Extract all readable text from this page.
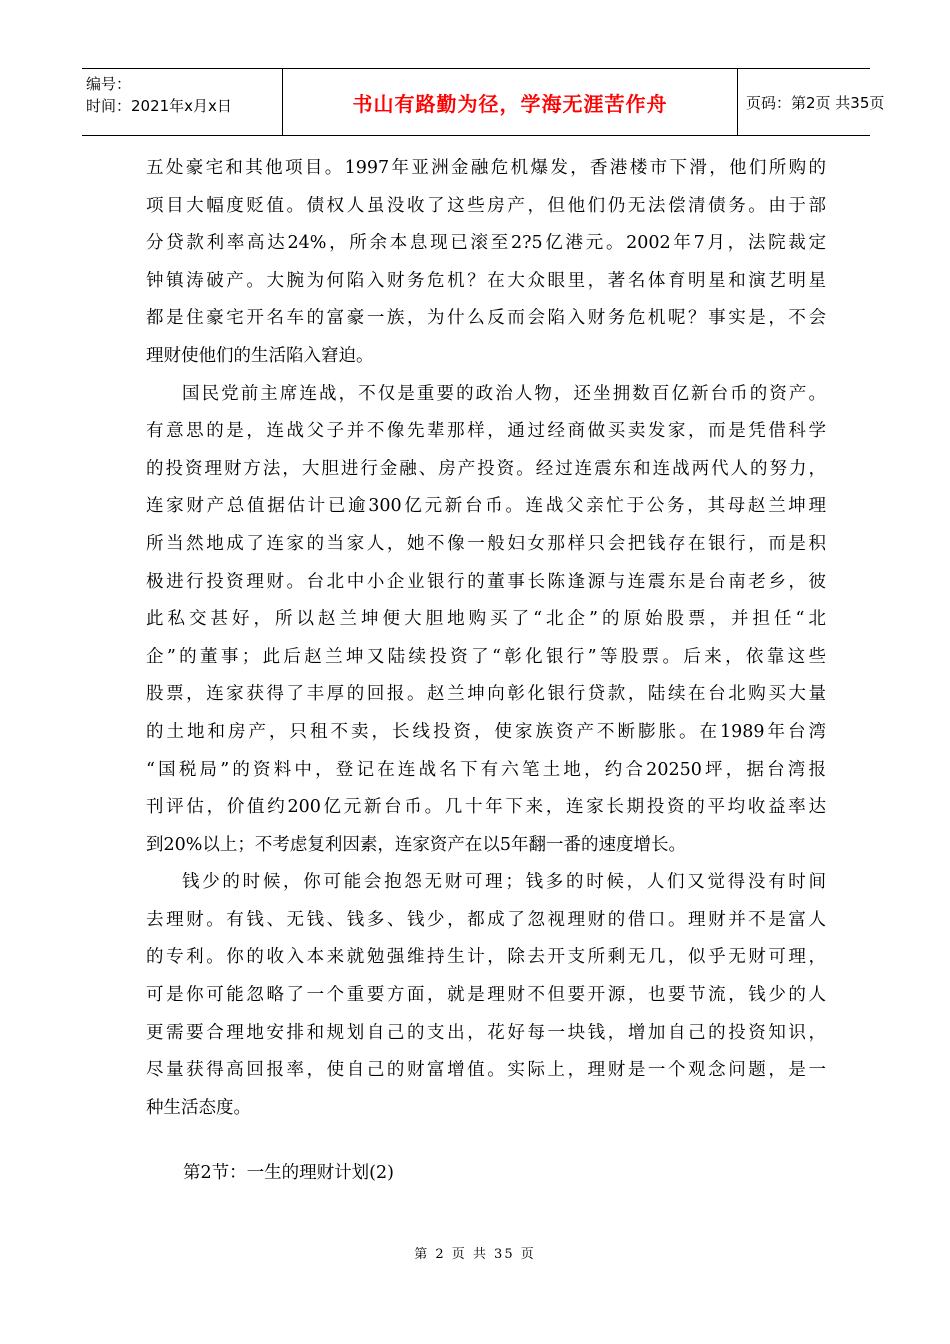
编号：
时间：2021年x月x日	书山有路勤为径，学海无涯苦作舟	页码：第2页 共35页
五处豪宅和其他项目。1997年亚洲金融危机爆发，香港楼市下滑，他们所购的
项目大幅度贬值。债权人虽没收了这些房产，但他们仍无法偿清债务。由于部
分贷款利率高达24%，所余本息现已滚至2?5亿港元。2002年7月，法院裁定
钟镇涛破产。大腕为何陷入财务危机？在大众眼里，著名体育明星和演艺明星
都是住豪宅开名车的富豪一族，为什么反而会陷入财务危机呢？事实是，不会
理财使他们的生活陷入窘迫。
国民党前主席连战，不仅是重要的政治人物，还坐拥数百亿新台币的资产。
有意思的是，连战父子并不像先辈那样，通过经商做买卖发家，而是凭借科学
的投资理财方法，大胆进行金融、房产投资。经过连震东和连战两代人的努力，
连家财产总值据估计已逾300亿元新台币。连战父亲忙于公务，其母赵兰坤理
所当然地成了连家的当家人，她不像一般妇女那样只会把钱存在银行，而是积
极进行投资理财。台北中小企业银行的董事长陈逢源与连震东是台南老乡，彼
此私交甚好，所以赵兰坤便大胆地购买了“北企”的原始股票，并担任“北
企”的董事；此后赵兰坤又陆续投资了“彰化银行”等股票。后来，依靠这些
股票，连家获得了丰厚的回报。赵兰坤向彰化银行贷款，陆续在台北购买大量
的土地和房产，只租不卖，长线投资，使家族资产不断膨胀。在1989年台湾
“国税局”的资料中，登记在连战名下有六笔土地，约合20250坪，据台湾报
刊评估，价值约200亿元新台币。几十年下来，连家长期投资的平均收益率达
到20%以上；不考虑复利因素，连家资产在以5年翻一番的速度增长。
钱少的时候，你可能会抱怨无财可理；钱多的时候，人们又觉得没有时间
去理财。有钱、无钱、钱多、钱少，都成了忽视理财的借口。理财并不是富人
的专利。你的收入本来就勉强维持生计，除去开支所剩无几，似乎无财可理，
可是你可能忽略了一个重要方面，就是理财不但要开源，也要节流，钱少的人
更需要合理地安排和规划自己的支出，花好每一块钱，增加自己的投资知识，
尽量获得高回报率，使自己的财富增值。实际上，理财是一个观念问题，是一
种生活态度。
第2节：一生的理财计划(2)
第 2 页 共 35 页
